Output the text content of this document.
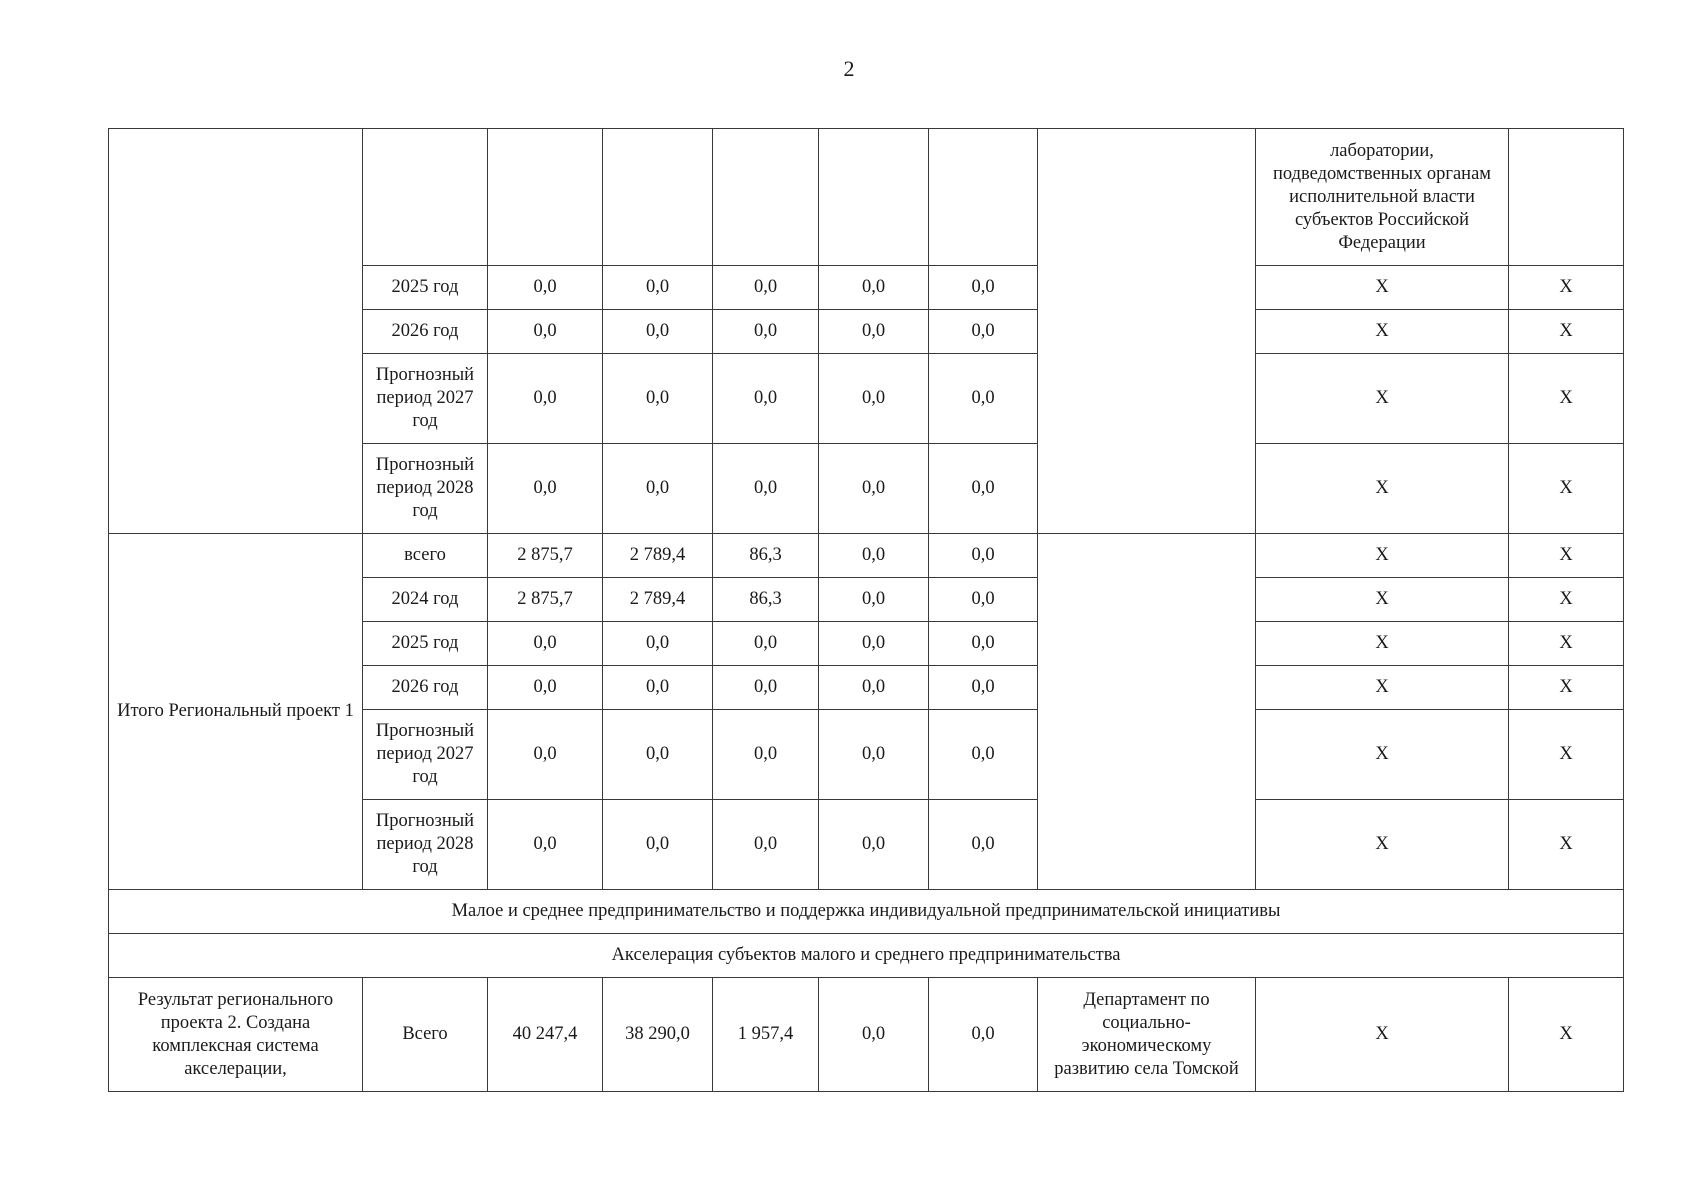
2
								лаборатории, подведомственных органам исполнительной власти субъектов Российской Федерации	
	2025 год	0,0	0,0	0,0	0,0	0,0		X	X
	2026 год	0,0	0,0	0,0	0,0	0,0		X	X
	Прогнозный период 2027 год	0,0	0,0	0,0	0,0	0,0		X	X
	Прогнозный период 2028 год	0,0	0,0	0,0	0,0	0,0		X	X
Итого Региональный проект 1	всего	2 875,7	2 789,4	86,3	0,0	0,0		X	X
	2024 год	2 875,7	2 789,4	86,3	0,0	0,0		X	X
	2025 год	0,0	0,0	0,0	0,0	0,0		X	X
	2026 год	0,0	0,0	0,0	0,0	0,0		X	X
	Прогнозный период 2027 год	0,0	0,0	0,0	0,0	0,0		X	X
	Прогнозный период 2028 год	0,0	0,0	0,0	0,0	0,0		X	X
Малое и среднее предпринимательство и поддержка индивидуальной предпринимательской инициативы									
Акселерация субъектов малого и среднего предпринимательства									
Результат регионального проекта 2. Создана комплексная система акселерации,	Всего	40 247,4	38 290,0	1 957,4	0,0	0,0	Департамент по социально-экономическому развитию села Томской	X	X
